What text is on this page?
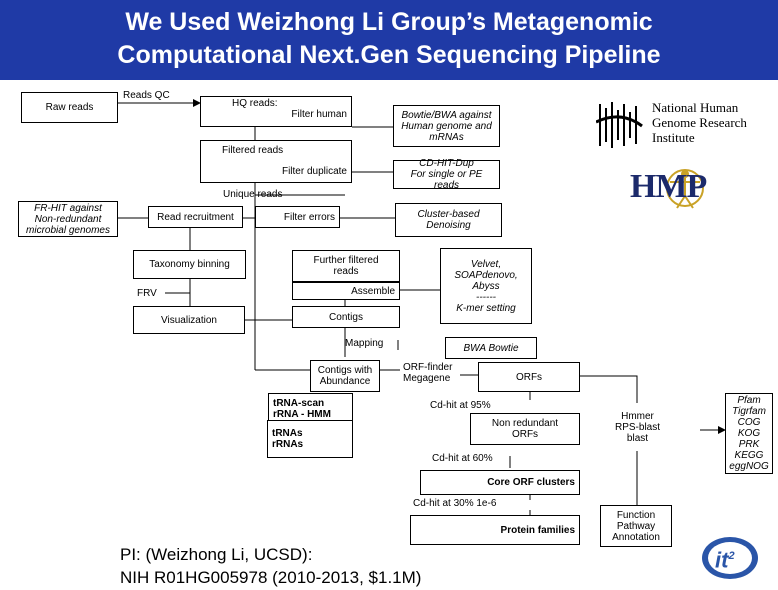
We Used Weizhong Li Group’s Metagenomic
Computational Next.Gen Sequencing Pipeline
Raw reads
Reads QC
HQ reads:
Filter human	Bowtie/BWA against
Human genome and
mRNAs
Filtered reads
Filter duplicate
CD-HIT-Dup
For single or PE reads
Unique reads
FR-HIT against
Non-redundant
microbial genomes
Read recruitment	Filter errors	Cluster-based
Denoising
Taxonomy binning	Further filtered
reads
FRV	Assemble
Velvet,
SOAPdenovo,
Abyss
------
K-mer setting
Visualization	Contigs
Mapping	BWA Bowtie
Contigs with
Abundance
ORF-finder
Megagene	ORFs
tRNA-scan
rRNA - HMM
Cd-hit at 95%
Non redundant
ORFs
Hmmer
RPS-blast
blast
Pfam
Tigrfam
COG
KOG
PRK
KEGG
eggNOG
tRNAs
rRNAs
Cd-hit at 60%
Core ORF clusters
Cd-hit at 30% 1e-6
Protein families
Function
Pathway
Annotation
PI: (Weizhong Li, UCSD):
NIH R01HG005978 (2010-2013, $1.1M)
National Human
Genome Research
Institute
HMP
$it^2$
